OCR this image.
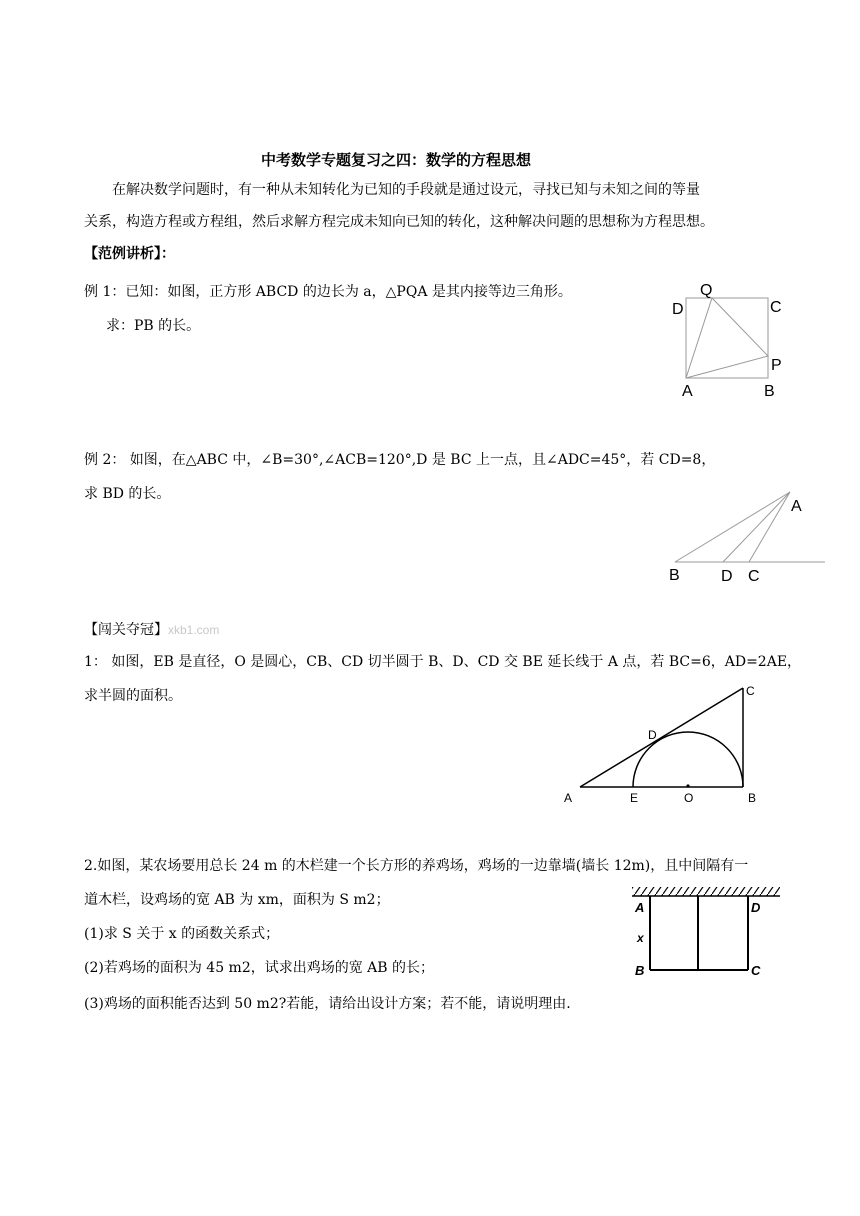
中考数学专题复习之四：数学的方程思想
在解决数学问题时，有一种从未知转化为已知的手段就是通过设元，寻找已知与未知之间的等量
关系，构造方程或方程组，然后求解方程完成未知向已知的转化，这种解决问题的思想称为方程思想。
【范例讲析】：
例 1：已知：如图，正方形 ABCD 的边长为 a，△PQA 是其内接等边三角形。
求：PB 的长。
D
Q
C
P
A	B
例 2： 如图，在△ABC 中，∠B=30°,∠ACB=120°,D 是 BC 上一点，且∠ADC=45°，若 CD=8，
求 BD 的长。
A
B	D C
【闯关夺冠】xkb1.com
1： 如图，EB 是直径，O 是圆心，CB、CD 切半圆于 B、D、CD 交 BE 延长线于 A 点，若 BC=6，AD=2AE，
求半圆的面积。	C
D
A	E	O	B
2.如图，某农场要用总长 24 m 的木栏建一个长方形的养鸡场，鸡场的一边靠墙(墙长 12m)，且中间隔有一
道木栏，设鸡场的宽 AB 为 xm，面积为 S m2；
(1)求 S 关于 x 的函数关系式；
(2)若鸡场的面积为 45 m2，试求出鸡场的宽 AB 的长；
(3)鸡场的面积能否达到 50 m2?若能，请给出设计方案；若不能，请说明理由.
A	D
x
B	C
